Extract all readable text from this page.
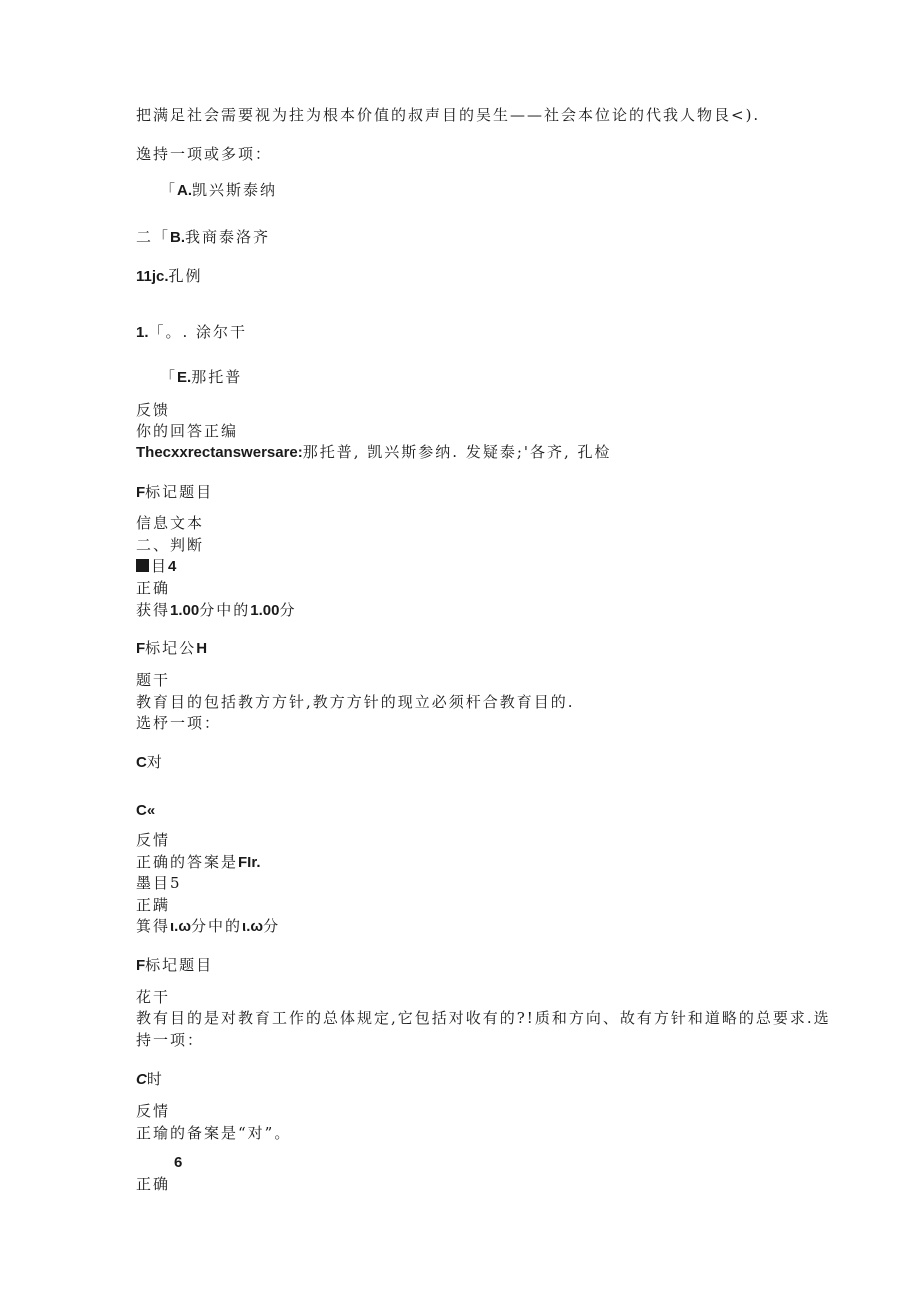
把满足社会需要视为拄为根本价值的叔声目的吴生——社会本位论的代我人物艮<).
逸持一项或多项：
「A.凯兴斯泰纳
二「B.我商泰洛齐
11jc.孔例
1.「。. 涂尔干
「E.那托普
反馈
你的回答正编
Thecxxrectanswersare:那托普, 凯兴斯参纳. 发疑泰;'各齐, 孔检
F标记题目
信息文本
二、判断
目4
正确
获得1.00分中的1.00分
F标圮公H
题干
教育目的包括教方方针,教方方针的现立必须杆合教育目的.
选杼一项：
C对
C«
反情
正确的答案是FIr.
墨目5
正蹒
箕得ι.ω分中的ι.ω分
F标圮题目
花干
教有目的是对教育工作的总体规定,它包括对收有的?!质和方向、故有方针和道略的总要求.选
持一项：
C时
反情
正瑜的备案是“对”。
6
正确
